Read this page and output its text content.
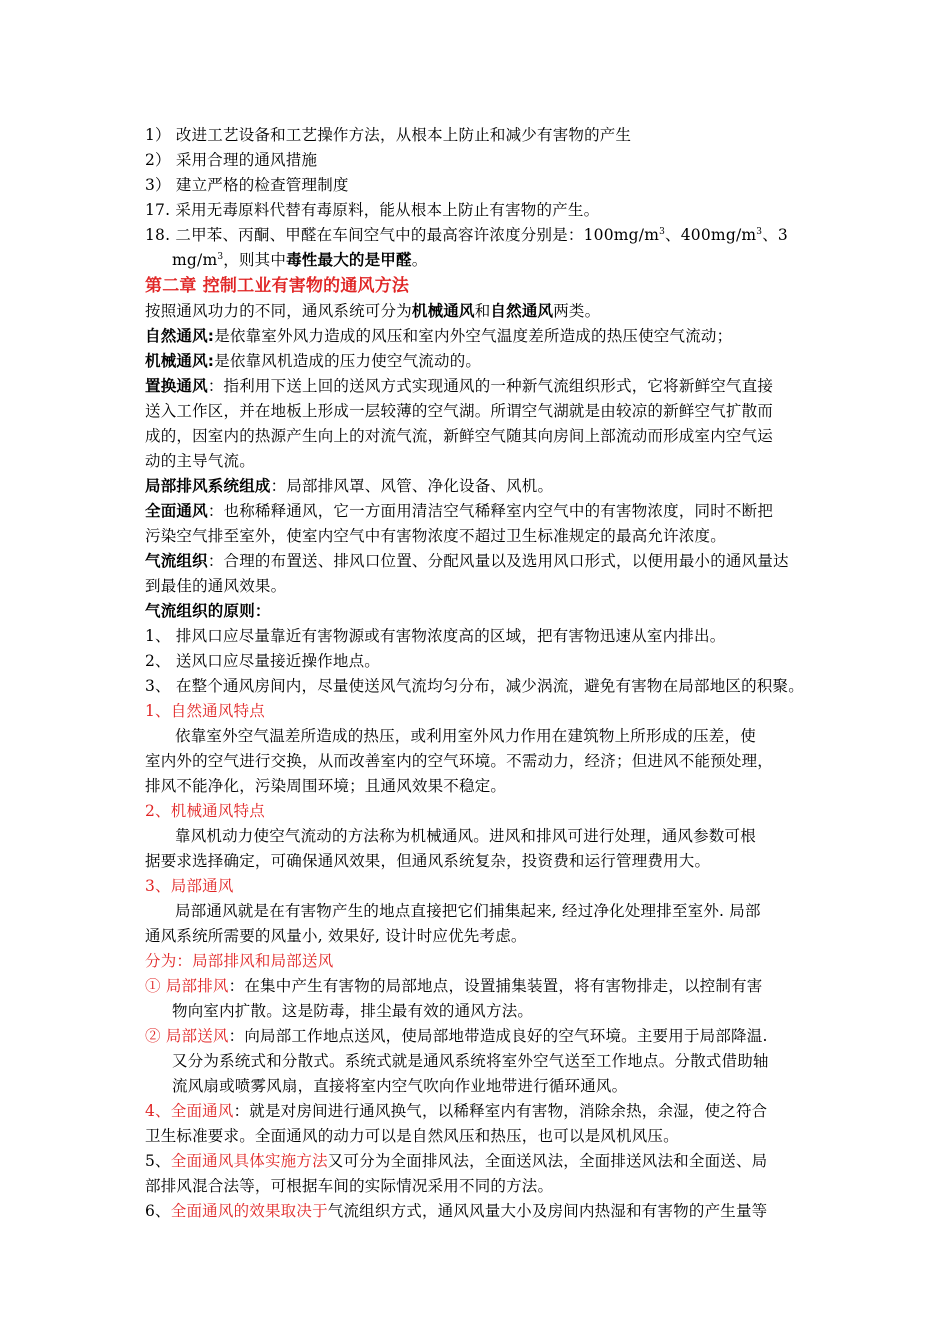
1） 改进工艺设备和工艺操作方法，从根本上防止和减少有害物的产生
2） 采用合理的通风措施
3） 建立严格的检查管理制度
17. 采用无毒原料代替有毒原料，能从根本上防止有害物的产生。
18. 二甲苯、丙酮、甲醛在车间空气中的最高容许浓度分别是：$100mg/m^3$、$400mg/m^3$、3
$mg/m^3$，则其中毒性最大的是甲醛。
第二章 控制工业有害物的通风方法
按照通风功力的不同，通风系统可分为机械通风和自然通风两类。
自然通风:是依靠室外风力造成的风压和室内外空气温度差所造成的热压使空气流动；
机械通风:是依靠风机造成的压力使空气流动的。
置换通风：指利用下送上回的送风方式实现通风的一种新气流组织形式，它将新鲜空气直接
送入工作区，并在地板上形成一层较薄的空气湖。所谓空气湖就是由较凉的新鲜空气扩散而
成的，因室内的热源产生向上的对流气流，新鲜空气随其向房间上部流动而形成室内空气运
动的主导气流。
局部排风系统组成：局部排风罩、风管、净化设备、风机。
全面通风：也称稀释通风，它一方面用清洁空气稀释室内空气中的有害物浓度，同时不断把
污染空气排至室外，使室内空气中有害物浓度不超过卫生标准规定的最高允许浓度。
气流组织：合理的布置送、排风口位置、分配风量以及选用风口形式，以便用最小的通风量达
到最佳的通风效果。
气流组织的原则：
1、 排风口应尽量靠近有害物源或有害物浓度高的区域，把有害物迅速从室内排出。
2、 送风口应尽量接近操作地点。
3、 在整个通风房间内，尽量使送风气流均匀分布，减少涡流，避免有害物在局部地区的积聚。
1、自然通风特点
依靠室外空气温差所造成的热压，或利用室外风力作用在建筑物上所形成的压差，使
室内外的空气进行交换，从而改善室内的空气环境。不需动力，经济；但进风不能预处理，
排风不能净化，污染周围环境；且通风效果不稳定。
2、机械通风特点
靠风机动力使空气流动的方法称为机械通风。进风和排风可进行处理，通风参数可根
据要求选择确定，可确保通风效果，但通风系统复杂，投资费和运行管理费用大。
3、局部通风
局部通风就是在有害物产生的地点直接把它们捕集起来, 经过净化处理排至室外. 局部
通风系统所需要的风量小, 效果好, 设计时应优先考虑。
分为：局部排风和局部送风
① 局部排风：在集中产生有害物的局部地点，设置捕集装置，将有害物排走，以控制有害
物向室内扩散。这是防毒，排尘最有效的通风方法。
② 局部送风：向局部工作地点送风，使局部地带造成良好的空气环境。主要用于局部降温.
又分为系统式和分散式。系统式就是通风系统将室外空气送至工作地点。分散式借助轴
流风扇或喷雾风扇，直接将室内空气吹向作业地带进行循环通风。
4、全面通风：就是对房间进行通风换气，以稀释室内有害物，消除余热，余湿，使之符合
卫生标准要求。全面通风的动力可以是自然风压和热压，也可以是风机风压。
5、全面通风具体实施方法又可分为全面排风法，全面送风法，全面排送风法和全面送、局
部排风混合法等，可根据车间的实际情况采用不同的方法。
6、全面通风的效果取决于气流组织方式，通风风量大小及房间内热湿和有害物的产生量等
